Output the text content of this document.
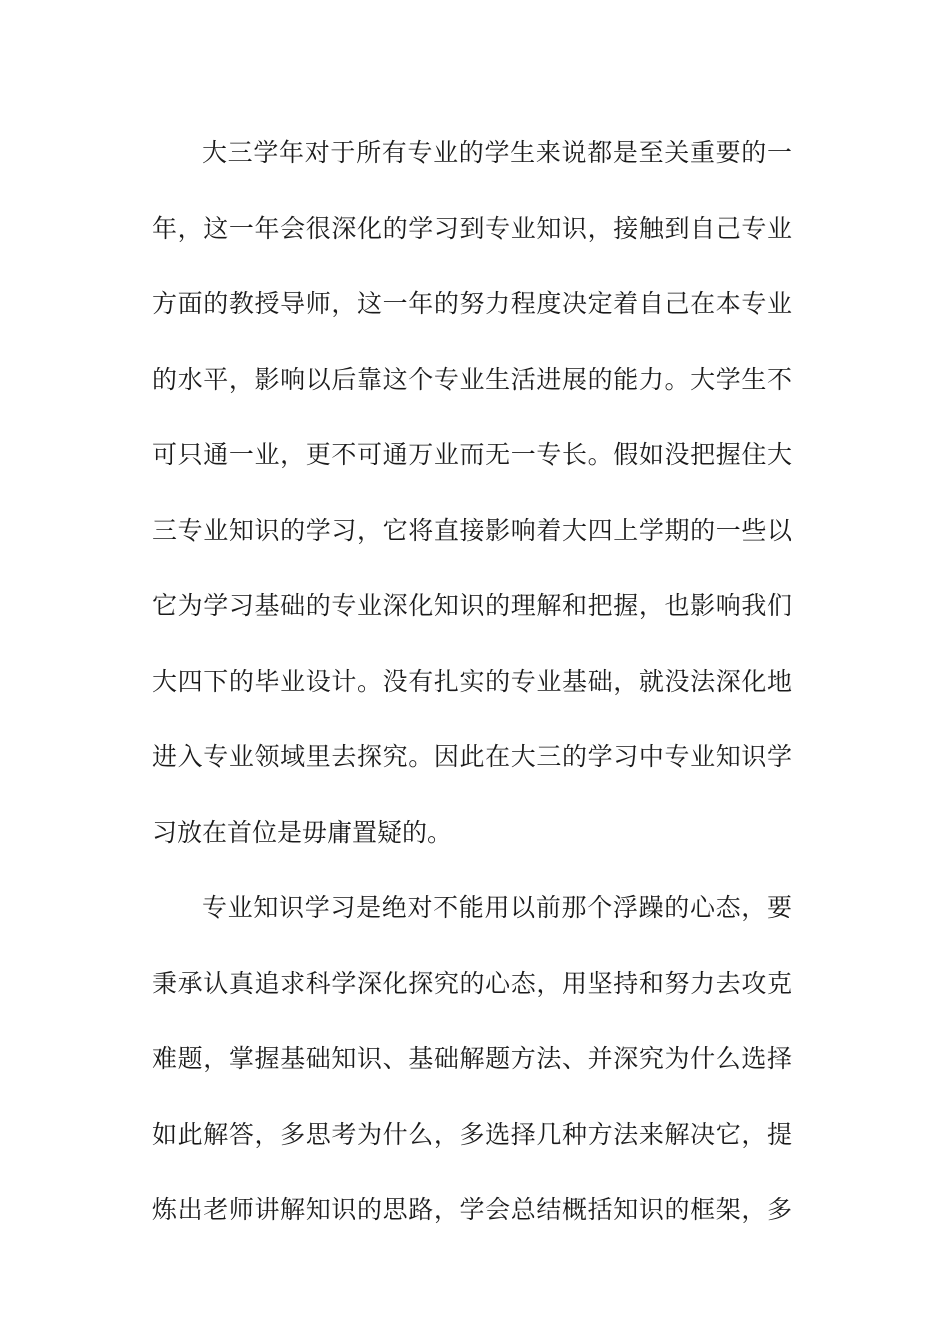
大三学年对于所有专业的学生来说都是至关重要的一
年，这一年会很深化的学习到专业知识，接触到自己专业
方面的教授导师，这一年的努力程度决定着自己在本专业
的水平，影响以后靠这个专业生活进展的能力。大学生不
可只通一业，更不可通万业而无一专长。假如没把握住大
三专业知识的学习，它将直接影响着大四上学期的一些以
它为学习基础的专业深化知识的理解和把握，也影响我们
大四下的毕业设计。没有扎实的专业基础，就没法深化地
进入专业领域里去探究。因此在大三的学习中专业知识学
习放在首位是毋庸置疑的。
专业知识学习是绝对不能用以前那个浮躁的心态，要
秉承认真追求科学深化探究的心态，用坚持和努力去攻克
难题，掌握基础知识、基础解题方法、并深究为什么选择
如此解答，多思考为什么，多选择几种方法来解决它，提
炼出老师讲解知识的思路，学会总结概括知识的框架，多
